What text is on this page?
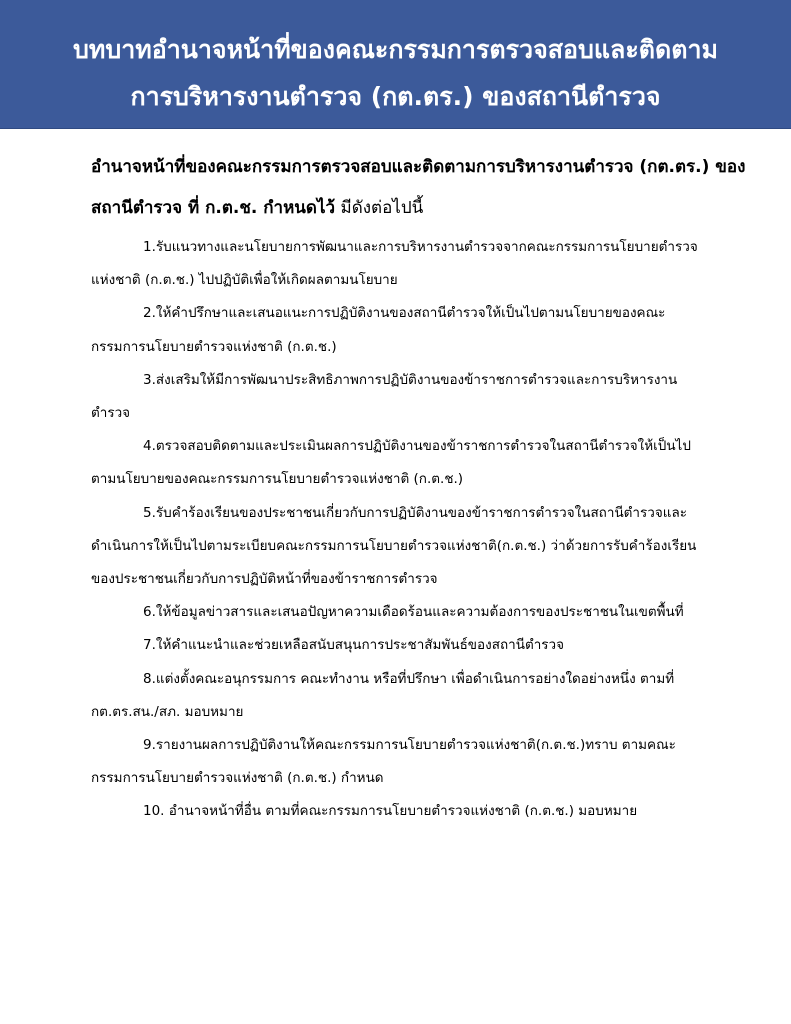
บทบาทอำนาจหน้าที่ของคณะกรรมการตรวจสอบและติดตาม
การบริหารงานตำรวจ (กต.ตร.) ของสถานีตำรวจ
อำนาจหน้าที่ของคณะกรรมการตรวจสอบและติดตามการบริหารงานตำรวจ (กต.ตร.) ของสถานีตำรวจ ที่ ก.ต.ช. กำหนดไว้ มีดังต่อไปนี้

1.รับแนวทางและนโยบายการพัฒนาและการบริหารงานตำรวจจากคณะกรรมการนโยบายตำรวจแห่งชาติ (ก.ต.ช.) ไปปฏิบัติเพื่อให้เกิดผลตามนโยบาย

2.ให้คำปรึกษาและเสนอแนะการปฏิบัติงานของสถานีตำรวจให้เป็นไปตามนโยบายของคณะกรรมการนโยบายตำรวจแห่งชาติ (ก.ต.ช.)

3.ส่งเสริมให้มีการพัฒนาประสิทธิภาพการปฏิบัติงานของข้าราชการตำรวจและการบริหารงานตำรวจ

4.ตรวจสอบติดตามและประเมินผลการปฏิบัติงานของข้าราชการตำรวจในสถานีตำรวจให้เป็นไปตามนโยบายของคณะกรรมการนโยบายตำรวจแห่งชาติ (ก.ต.ช.)

5.รับคำร้องเรียนของประชาชนเกี่ยวกับการปฏิบัติงานของข้าราชการตำรวจในสถานีตำรวจและดำเนินการให้เป็นไปตามระเบียบคณะกรรมการนโยบายตำรวจแห่งชาติ(ก.ต.ช.) ว่าด้วยการรับคำร้องเรียนของประชาชนเกี่ยวกับการปฏิบัติหน้าที่ของข้าราชการตำรวจ

6.ให้ข้อมูลข่าวสารและเสนอปัญหาความเดือดร้อนและความต้องการของประชาชนในเขตพื้นที่

7.ให้คำแนะนำและช่วยเหลือสนับสนุนการประชาสัมพันธ์ของสถานีตำรวจ

8.แต่งตั้งคณะอนุกรรมการ คณะทำงาน หรือที่ปรึกษา เพื่อดำเนินการอย่างใดอย่างหนึ่ง ตามที่ กต.ตร.สน./สภ. มอบหมาย

9.รายงานผลการปฏิบัติงานให้คณะกรรมการนโยบายตำรวจแห่งชาติ(ก.ต.ช.)ทราบ ตามคณะกรรมการนโยบายตำรวจแห่งชาติ (ก.ต.ช.) กำหนด

10. อำนาจหน้าที่อื่น ตามที่คณะกรรมการนโยบายตำรวจแห่งชาติ (ก.ต.ช.) มอบหมาย
